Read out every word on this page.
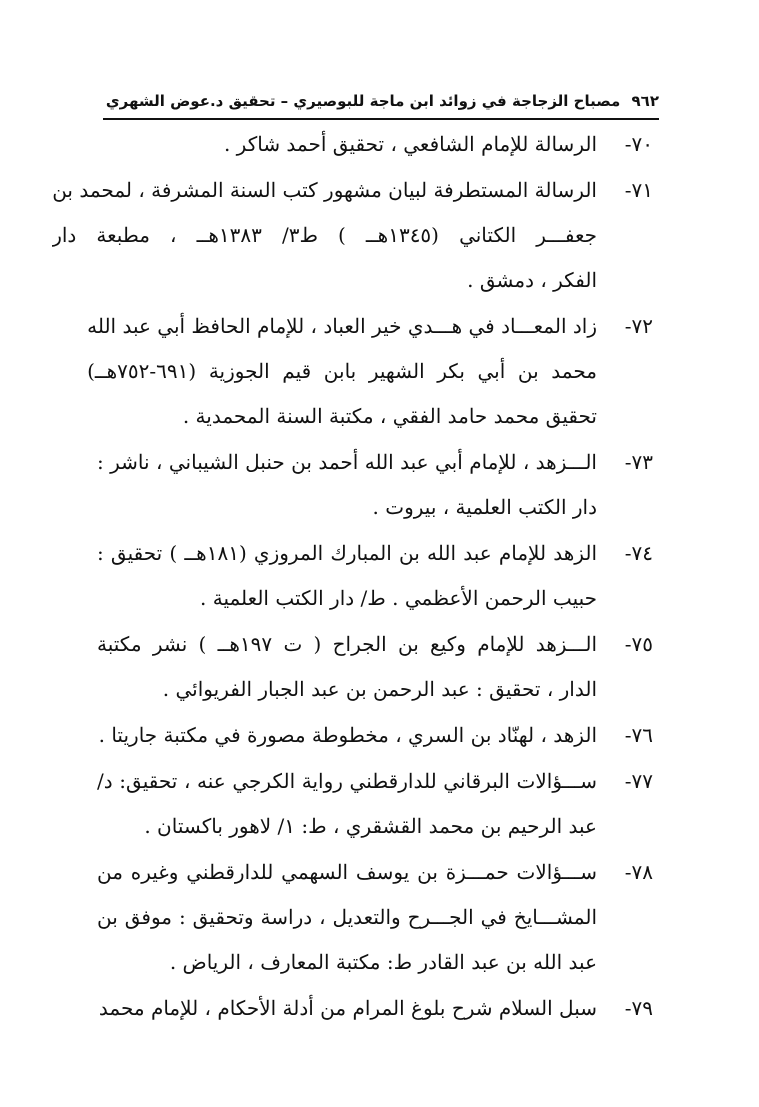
٩٦٢ مصباح الزجاجة في زوائد ابن ماجة للبوصيري – تحقيق د.عوض الشهري
٧٠-
الرسالة للإمام الشافعي ، تحقيق أحمد شاكر .
٧١-
الرسالة المستطرفة لبيان مشهور كتب السنة المشرفة ، لمحمد بن
جعفـــر الكتاني (١٣٤٥هــ ) ط٣/ ١٣٨٣هــ ، مطبعة دار
الفكر ، دمشق .
٧٢-
زاد المعـــاد في هـــدي خير العباد ، للإمام الحافظ أبي عبد الله
محمد بن أبي بكر الشهير بابن قيم الجوزية (٦٩١-٧٥٢هــ)
تحقيق محمد حامد الفقي ، مكتبة السنة المحمدية .
٧٣-
الـــزهد ، للإمام أبي عبد الله أحمد بن حنبل الشيباني ، ناشر :
دار الكتب العلمية ، بيروت .
٧٤-
الزهد للإمام عبد الله بن المبارك المروزي (١٨١هــ ) تحقيق :
حبيب الرحمن الأعظمي . ط/ دار الكتب العلمية .
٧٥-
الـــزهد للإمام وكيع بن الجراح ( ت ١٩٧هــ ) نشر مكتبة
الدار ، تحقيق : عبد الرحمن بن عبد الجبار الفريوائي .
٧٦-
الزهد ، لهنّاد بن السري ، مخطوطة مصورة في مكتبة جاريتا .
٧٧-
ســـؤالات البرقاني للدارقطني رواية الكرجي عنه ، تحقيق: د/
عبد الرحيم بن محمد القشقري ، ط: ١/ لاهور باكستان .
٧٨-
ســـؤالات حمـــزة بن يوسف السهمي للدارقطني وغيره من
المشـــايخ في الجـــرح والتعديل ، دراسة وتحقيق : موفق بن
عبد الله بن عبد القادر ط: مكتبة المعارف ، الرياض .
٧٩-
سبل السلام شرح بلوغ المرام من أدلة الأحكام ، للإمام محمد
